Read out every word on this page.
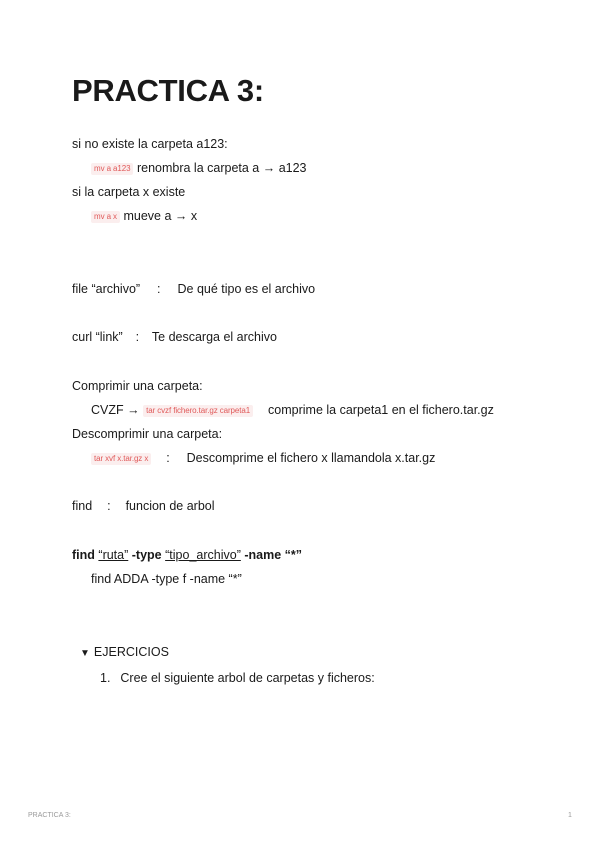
PRACTICA 3:
si no existe la carpeta a123:
mv a a123 renombra la carpeta a → a123
si la carpeta x existe
mv a x mueve a → x
file “archivo” : De qué tipo es el archivo
curl “link” : Te descarga el archivo
Comprimir una carpeta:
CVZF → tar cvzf fichero.tar.gz carpeta1 comprime la carpeta1 en el fichero.tar.gz
Descomprimir una carpeta:
tar xvf x.tar.gz x : Descomprime el fichero x llamandola x.tar.gz
find : funcion de arbol
find “ruta” -type “tipo_archivo” -name “*”
find ADDA -type f -name “*”
▼ EJERCICIOS
1. Cree el siguiente arbol de carpetas y ficheros:
PRACTICA 3:	1
